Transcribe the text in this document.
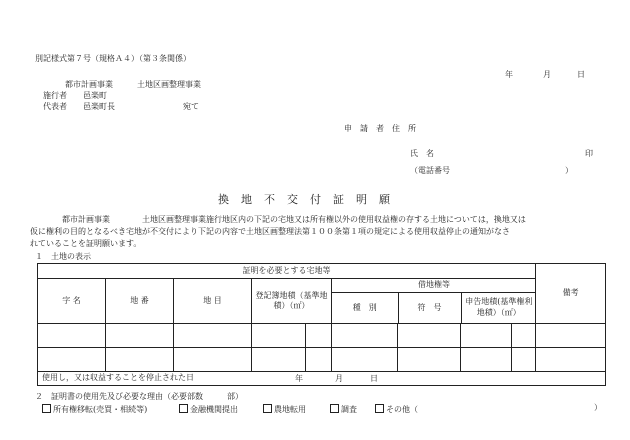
別記様式第７号（規格Ａ４）（第３条関係）
年	月	日
都市計画事業	土地区画整理事業
施行者 邑楽町
代表者 邑楽町長	宛て
申　請　者　住　所
氏　名	印
（電話番号	）
換地不交付証明願
都市計画事業　　　　土地区画整理事業施行地区内の下記の宅地又は所有権以外の使用収益権の存する土地については，換地又は
仮に権利の目的となるべき宅地が不交付により下記の内容で土地区画整理法第１００条第１項の規定による使用収益停止の通知がなさ
れていることを証明願います。
１　土地の表示
証明を必要とする宅地等	備考
字 名	地 番	地 目	登記簿地積（基準地積）（㎡）	
借地権等
種　別	符　号	申告地積(基準権利地積）（㎡）

使用し，又は収益することを停止された日	年	月	日
２　証明書の使用先及び必要な理由（必要部数　　　部）
所有権移転(売買・相続等)	金融機関提出	農地転用	調査	その他（	）
